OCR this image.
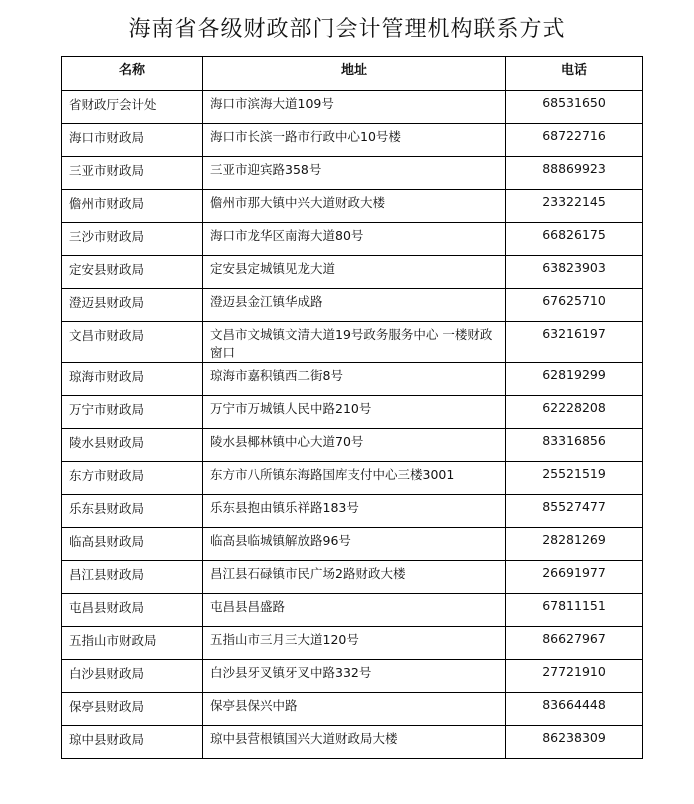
海南省各级财政部门会计管理机构联系方式
名称	地址	电话
省财政厅会计处	海口市滨海大道109号	68531650
海口市财政局	海口市长滨一路市行政中心10号楼	68722716
三亚市财政局	三亚市迎宾路358号	88869923
儋州市财政局	儋州市那大镇中兴大道财政大楼	23322145
三沙市财政局	海口市龙华区南海大道80号	66826175
定安县财政局	定安县定城镇见龙大道	63823903
澄迈县财政局	澄迈县金江镇华成路	67625710
文昌市财政局	文昌市文城镇文清大道19号政务服务中心 一楼财政窗口	63216197
琼海市财政局	琼海市嘉积镇西二街8号	62819299
万宁市财政局	万宁市万城镇人民中路210号	62228208
陵水县财政局	陵水县椰林镇中心大道70号	83316856
东方市财政局	东方市八所镇东海路国库支付中心三楼3001	25521519
乐东县财政局	乐东县抱由镇乐祥路183号	85527477
临高县财政局	临高县临城镇解放路96号	28281269
昌江县财政局	昌江县石碌镇市民广场2路财政大楼	26691977
屯昌县财政局	屯昌县昌盛路	67811151
五指山市财政局	五指山市三月三大道120号	86627967
白沙县财政局	白沙县牙叉镇牙叉中路332号	27721910
保亭县财政局	保亭县保兴中路	83664448
琼中县财政局	琼中县营根镇国兴大道财政局大楼	86238309
